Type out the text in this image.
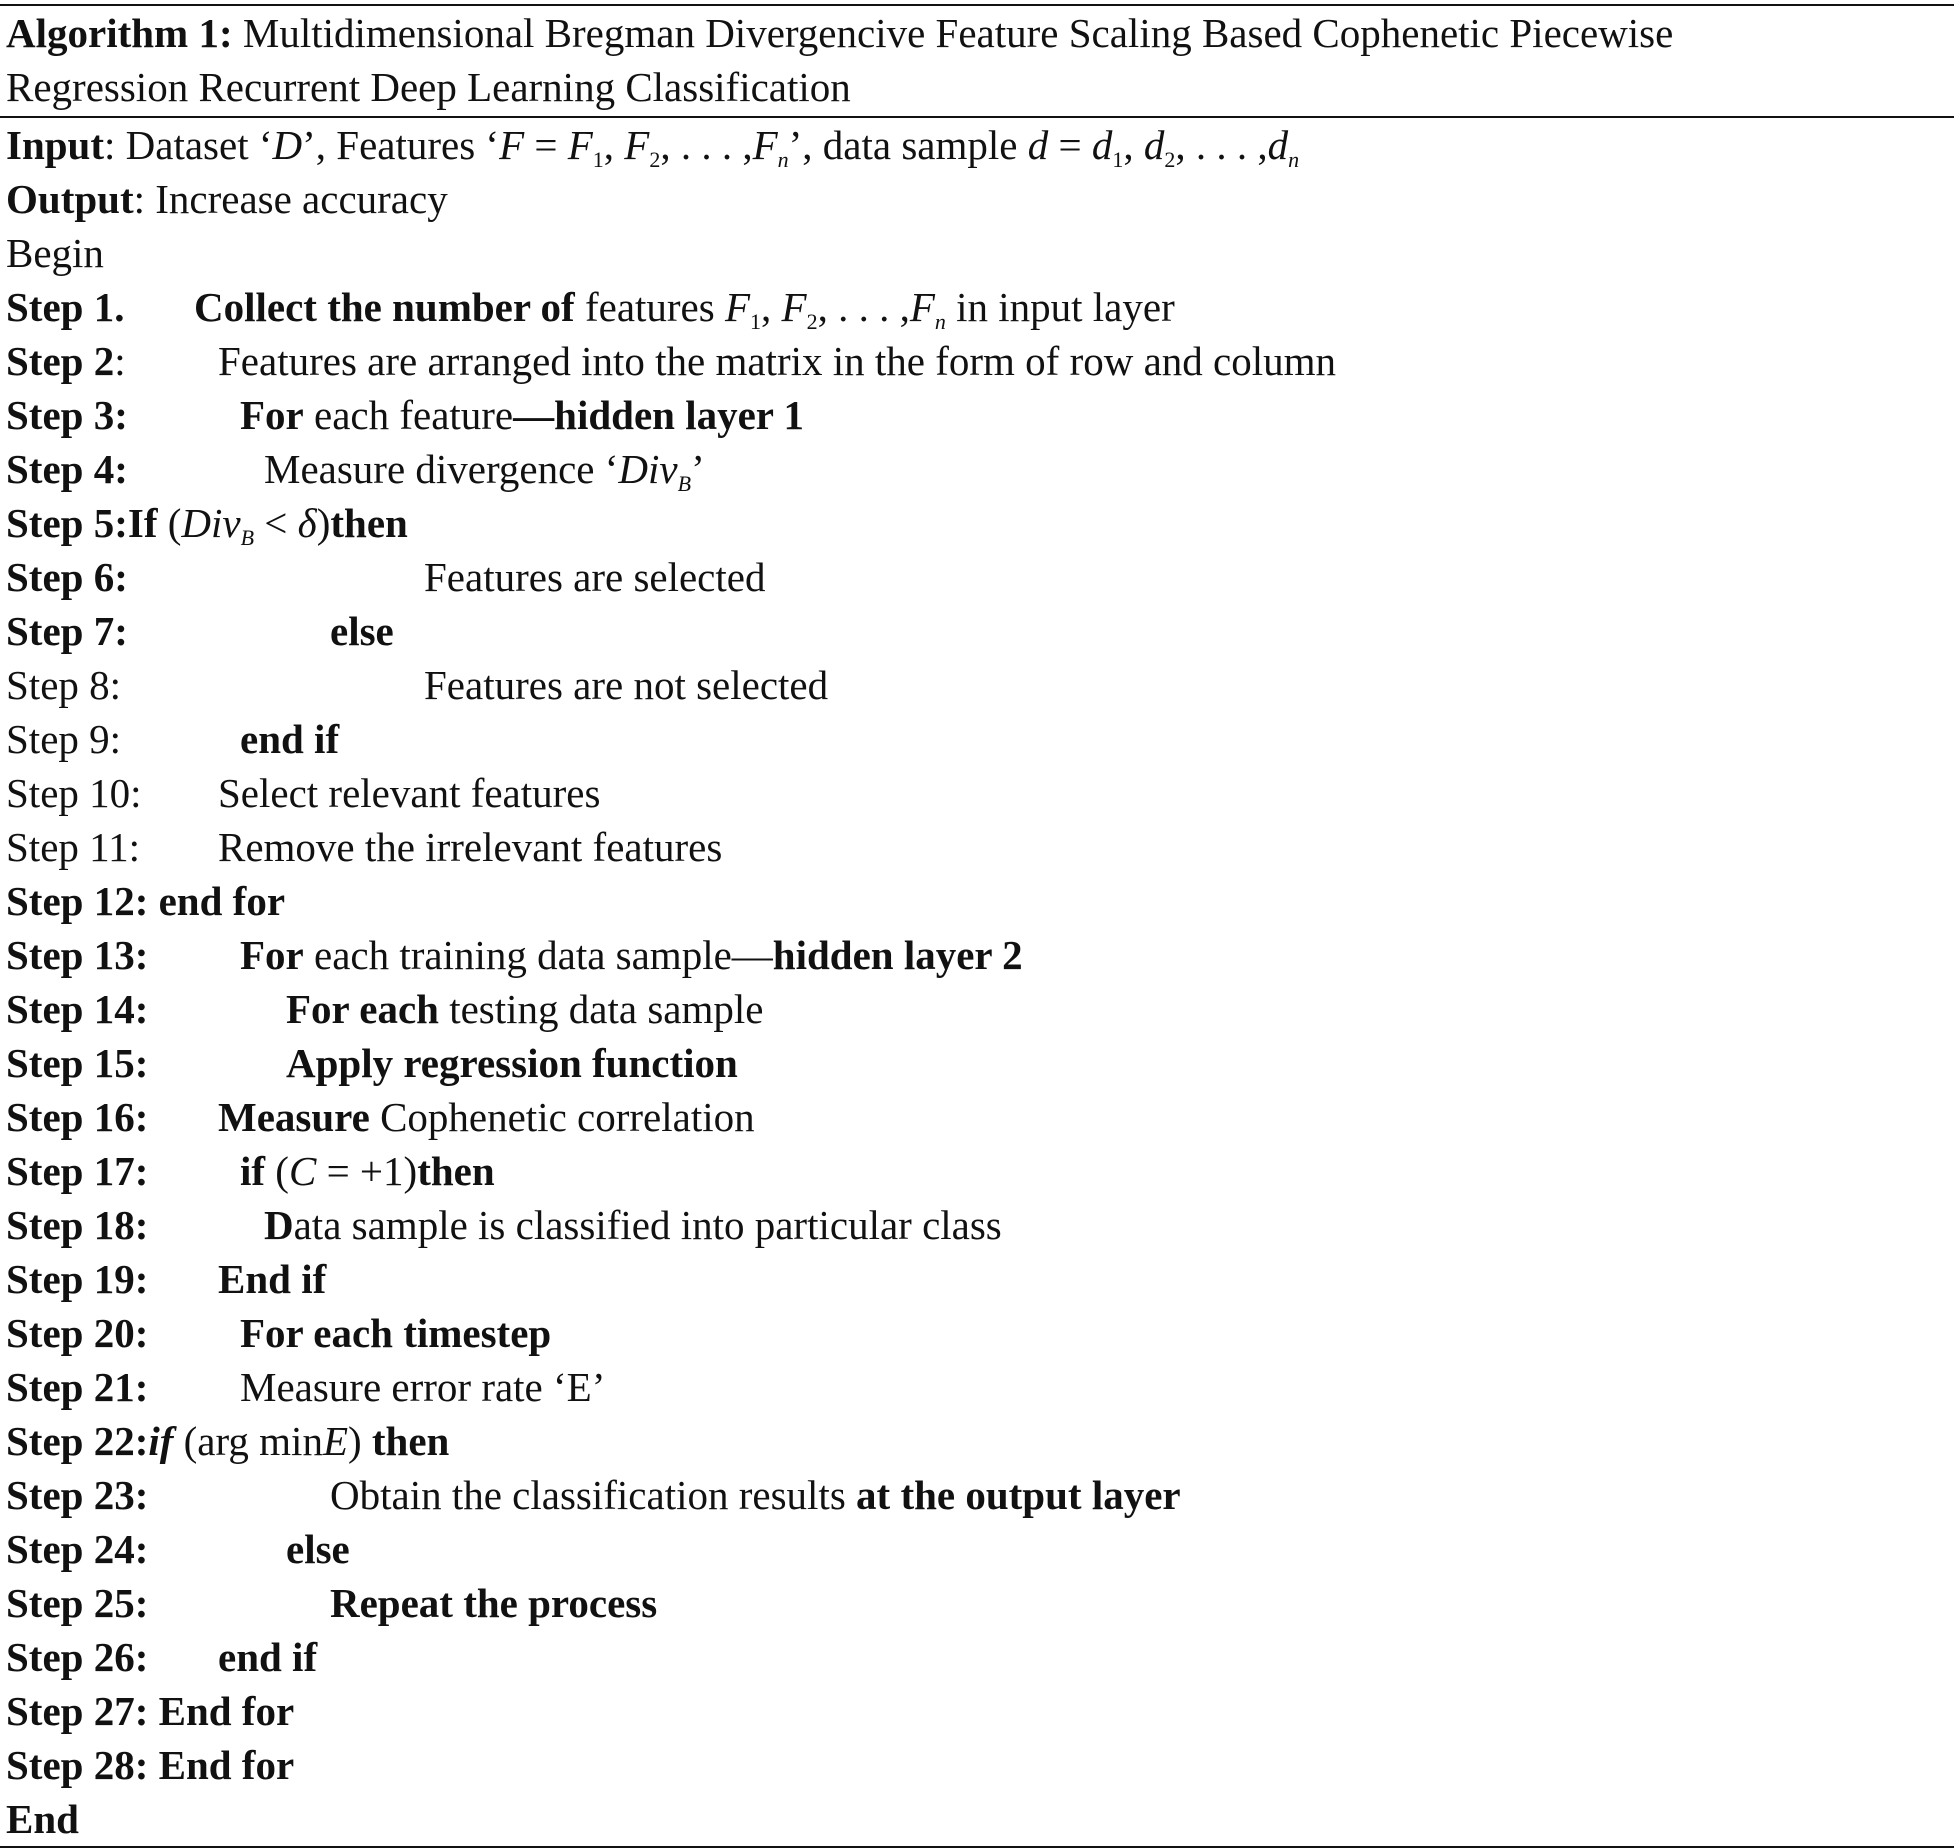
Algorithm 1: Multidimensional Bregman Divergencive Feature Scaling Based Cophenetic Piecewise
Regression Recurrent Deep Learning Classification
Input: Dataset ‘D’, Features ‘$F = F_1$, $F_2$, . . . $,F_n$’, data sample $d = d_1$, $d_2$, . . . $,d_n$
Output: Increase accuracy
Begin
Step 1.	Collect the number of features $F_1$, $F_2$, . . . $,F_n$ in input layer
Step 2:	Features are arranged into the matrix in the form of row and column
Step 3:	For each feature—hidden layer 1
Step 4:	Measure divergence ‘Div$_B$’
Step 5:If (Div$_B$ < δ)then
Step 6:	Features are selected
Step 7:	else
Step 8:	Features are not selected
Step 9:	end if
Step 10:	Select relevant features
Step 11:	Remove the irrelevant features
Step 12: end for
Step 13:	For each training data sample—hidden layer 2
Step 14:	For each testing data sample
Step 15:	Apply regression function
Step 16:	Measure Cophenetic correlation
Step 17:	if (C = +1)then
Step 18:	Data sample is classified into particular class
Step 19:	End if
Step 20:	For each timestep
Step 21:	Measure error rate ‘E’
Step 22:if (arg minE) then
Step 23:	Obtain the classification results at the output layer
Step 24:	else
Step 25:	Repeat the process
Step 26:	end if
Step 27: End for
Step 28: End for
End
